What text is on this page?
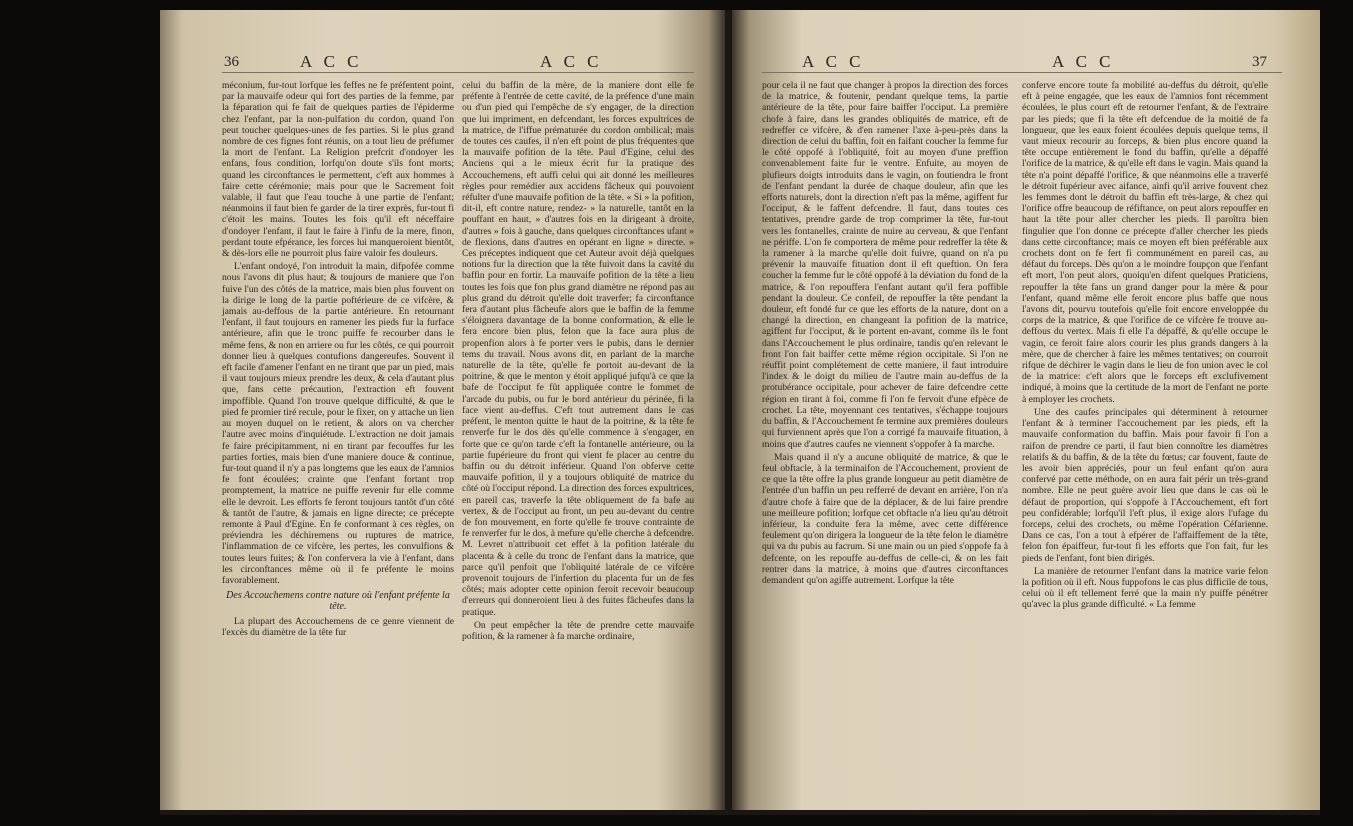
36	A C C	A C C

méconium, fur-tout lorfque les feffes ne fe préfentent point, par la mauvaife odeur qui fort des parties de la femme, par la féparation qui fe fait de quelques parties de l'épiderme chez l'enfant, par la non-pulfation du cordon, quand l'on peut toucher quelques-unes de fes parties. Si le plus grand nombre de ces fignes font réunis, on a tout lieu de préfumer la mort de l'enfant. La Religion prefcrit d'ondoyer les enfans, fous condition, lorfqu'on doute s'ils font morts; quand les circonftances le permettent, c'eft aux hommes à faire cette cérémonie; mais pour que le Sacrement foit valable, il faut que l'eau touche à une partie de l'enfant; néanmoins il faut bien fe garder de la tirer exprès, fur-tout fi c'étoit les mains. Toutes les fois qu'il eft néceffaire d'ondoyer l'enfant, il faut le faire à l'infu de la mere, finon, perdant toute efpérance, les forces lui manqueroient bientôt, & dès-lors elle ne pourroit plus faire valoir fes douleurs.

L'enfant ondoyé, l'on introduit la main, difpofée comme nous l'avons dit plus haut; & toujours de maniere que l'on fuive l'un des côtés de la matrice, mais bien plus fouvent on la dirige le long de la partie poftérieure de ce vifcère, & jamais au-deffous de la partie antérieure. En retournant l'enfant, il faut toujours en ramener les pieds fur la furface antérieure, afin que le tronc puiffe fe recourber dans le même fens, & non en arriere ou fur les côtés, ce qui pourroit donner lieu à quelques contufions dangereufes. Souvent il eft facile d'amener l'enfant en ne tirant que par un pied, mais il vaut toujours mieux prendre les deux, & cela d'autant plus que, fans cette précaution, l'extraction eft fouvent impoffible. Quand l'on trouve quelque difficulté, & que le pied fe promier tiré recule, pour le fixer, on y attache un lien au moyen duquel on le retient, & alors on va chercher l'autre avec moins d'inquiétude. L'extraction ne doit jamais fe faire précipitamment, ni en tirant par fecouffes fur les parties forties, mais bien d'une maniere douce & continue, fur-tout quand il n'y a pas longtems que les eaux de l'amnios fe font écoulées; crainte que l'enfant fortant trop promptement, la matrice ne puiffe revenir fur elle comme elle le devroit. Les efforts fe feront toujours tantôt d'un côté & tantôt de l'autre, & jamais en ligne directe; ce précepte remonte à Paul d'Egine. En fe conformant à ces règles, on préviendra les déchiremens ou ruptures de matrice, l'inflammation de ce vifcère, les pertes, les convulfions & toutes leurs fuites; & l'on confervera la vie à l'enfant, dans les circonftances même où il fe préfente le moins favorablement.

Des Accouchemens contre nature où l'enfant préfente la tête.

La plupart des Accouchemens de ce genre viennent de l'excès du diamètre de la tête fur

celui du baffin de la mère, de la maniere dont elle fe préfente à l'entrée de cette cavité, de la préfence d'une main ou d'un pied qui l'empêche de s'y engager, de la direction que lui impriment, en defcendant, les forces expultrices de la matrice, de l'iffue prématurée du cordon ombilical; mais de toutes ces caufes, il n'en eft point de plus fréquentes que la mauvaife pofition de la tête. Paul d'Egine, celui des Anciens qui a le mieux écrit fur la pratique des Accouchemens, eft auffi celui qui ait donné les meilleures règles pour remédier aux accidens fâcheux qui pouvoient réfulter d'une mauvaife pofition de la tête. « Si » la pofition, dit-il, eft contre nature, rendez- » la naturelle, tantôt en la pouffant en haut, » d'autres fois en la dirigeant à droite, d'autres » fois à gauche, dans quelques circonftances ufant » de flexions, dans d'autres en opérant en ligne » directe. » Ces préceptes indiquent que cet Auteur avoit déjà quelques notions fur la direction que la tête fuivoit dans la cavité du baffin pour en fortir. La mauvaife pofition de la tête a lieu toutes les fois que fon plus grand diamètre ne répond pas au plus grand du détroit qu'elle doit traverfer; fa circonftance fera d'autant plus fâcheufe alors que le baffin de la femme s'éloignera davantage de la bonne conformation, & elle le fera encore bien plus, felon que la face aura plus de propenfion alors à fe porter vers le pubis, dans le dernier tems du travail. Nous avons dit, en parlant de la marche naturelle de la tête, qu'elle fe portoit au-devant de la poitrine, & que le menton y étoit appliqué jufqu'à ce que la bafe de l'occiput fe fût appliquée contre le fommet de l'arcade du pubis, ou fur le bord antérieur du périnée, fi la face vient au-deffus. C'eft tout autrement dans le cas préfent, le menton quitte le haut de la poitrine, & la tête fe renverfe fur le dos dès qu'elle commence à s'engager, en forte que ce qu'on tarde c'eft la fontanelle antérieure, ou la partie fupérieure du front qui vient fe placer au centre du baffin ou du détroit inférieur. Quand l'on obferve cette mauvaife pofition, il y a toujours obliquité de matrice du côté où l'occiput répond. La direction des forces expultrices, en pareil cas, traverfe la tête obliquement de fa bafe au vertex, & de l'occiput au front, un peu au-devant du centre de fon mouvement, en forte qu'elle fe trouve contrainte de fe renverfer fur le dos, à mefure qu'elle cherche à defcendre. M. Levret n'attribuoit cet effet à la pofition latérale du placenta & à celle du tronc de l'enfant dans la matrice, que parce qu'il penfoit que l'obliquité latérale de ce vifcère provenoit toujours de l'infertion du placenta fur un de fes côtés; mais adopter cette opinion feroit recevoir beaucoup d'erreurs qui donneroient lieu à des fuites fâcheufes dans la pratique.

On peut empêcher la tête de prendre cette mauvaife pofition, & la ramener à fa marche ordinaire,

A C C	A C C	37

pour cela il ne faut que changer à propos la direction des forces de la matrice, & foutenir, pendant quelque tems, la partie antérieure de la tête, pour faire baiffer l'occiput. La première chofe à faire, dans les grandes obliquités de matrice, eft de redreffer ce vifcère, & d'en ramener l'axe à-peu-près dans la direction de celui du baffin, foit en faifant coucher la femme fur le côté oppofé à l'obliquité, foit au moyen d'une preffion convenablement faite fur le ventre. Enfuite, au moyen de plufieurs doigts introduits dans le vagin, on foutiendra le front de l'enfant pendant la durée de chaque douleur, afin que les efforts naturels, dont la direction n'eft pas la même, agiffent fur l'occiput, & le faffent defcendre. Il faut, dans toutes ces tentatives, prendre garde de trop comprimer la tête, fur-tout vers les fontanelles, crainte de nuire au cerveau, & que l'enfant ne périffe. L'on fe comportera de même pour redreffer la tête & la ramener à la marche qu'elle doit fuivre, quand on n'a pu prévenir la mauvaife fituation dont il eft queftion. On fera coucher la femme fur le côté oppofé à la déviation du fond de la matrice, & l'on repouffera l'enfant autant qu'il fera poffible pendant la douleur. Ce confeil, de repouffer la tête pendant la douleur, eft fondé fur ce que les efforts de la nature, dont on a changé la direction, en changeant la pofition de la matrice, agiffent fur l'occiput, & le portent en-avant, comme ils le font dans l'Accouchement le plus ordinaire, tandis qu'en relevant le front l'on fait baiffer cette même région occipitale. Si l'on ne réuffit point complétement de cette maniere, il faut introduire l'index & le doigt du milieu de l'autre main au-deffus de la protubérance occipitale, pour achever de faire defcendre cette région en tirant à foi, comme fi l'on fe fervoit d'une efpèce de crochet. La tête, moyennant ces tentatives, s'échappe toujours du baffin, & l'Accouchement fe termine aux premières douleurs qui furviennent après que l'on a corrigé fa mauvaife fituation, à moins que d'autres caufes ne viennent s'oppofer à fa marche.

Mais quand il n'y a aucune obliquité de matrice, & que le feul obftacle, à la terminaifon de l'Accouchement, provient de ce que la tête offre la plus grande longueur au petit diamètre de l'entrée d'un baffin un peu refferré de devant en arrière, l'on n'a d'autre chofe à faire que de la déplacer, & de lui faire prendre une meilleure pofition; lorfque cet obftacle n'a lieu qu'au détroit inférieur, la conduite fera la même, avec cette différence feulement qu'on dirigera la longueur de la tête felon le diamètre qui va du pubis au facrum. Si une main ou un pied s'oppofe fa à defcente, on les repouffe au-deffus de celle-ci, & on les fait rentrer dans la matrice, à moins que d'autres circonftances demandent qu'on agiffe autrement. Lorfque la tête

conferve encore toute fa mobilité au-deffus du détroit, qu'elle eft à peine engagée, que les eaux de l'amnios font récemment écoulées, le plus court eft de retourner l'enfant, & de l'extraire par les pieds; que fi la tête eft defcendue de la moitié de fa longueur, que les eaux foient écoulées depuis quelque tems, il vaut mieux recourir au forceps, & bien plus encore quand la tête occupe entièrement le fond du baffin, qu'elle a dépaffé l'orifice de la matrice, & qu'elle eft dans le vagin. Mais quand la tête n'a point dépaffé l'orifice, & que néanmoins elle a traverfé le détroit fupérieur avec aifance, ainfi qu'il arrive fouvent chez les femmes dont le détroit du baffin eft très-large, & chez qui l'orifice offre beaucoup de réfiftance, on peut alors repouffer en haut la tête pour aller chercher les pieds. Il paroîtra bien fingulier que l'on donne ce précepte d'aller chercher les pieds dans cette circonftance; mais ce moyen eft bien préférable aux crochets dont on fe fert fi communément en pareil cas, au défaut du forceps. Dès qu'on a le moindre foupçon que l'enfant eft mort, l'on peut alors, quoiqu'en difent quelques Praticiens, repouffer la tête fans un grand danger pour la mère & pour l'enfant, quand même elle feroit encore plus baffe que nous l'avons dit, pourvu toutefois qu'elle foit encore enveloppée du corps de la matrice, & que l'orifice de ce vifcère fe trouve au-deffous du vertex. Mais fi elle l'a dépaffé, & qu'elle occupe le vagin, ce feroit faire alors courir les plus grands dangers à la mère, que de chercher à faire les mêmes tentatives; on courroit rifque de déchirer le vagin dans le lieu de fon union avec le col de la matrice: c'eft alors que le forceps eft exclufivement indiqué, à moins que la certitude de la mort de l'enfant ne porte à employer les crochets.

Une des caufes principales qui déterminent à retourner l'enfant & à terminer l'accouchement par les pieds, eft la mauvaife conformation du baffin. Mais pour favoir fi l'on a raifon de prendre ce parti, il faut bien connoître les diamètres relatifs & du baffin, & de la tête du fœtus; car fouvent, faute de les avoir bien appréciés, pour un feul enfant qu'on aura confervé par cette méthode, on en aura fait périr un très-grand nombre. Elle ne peut guère avoir lieu que dans le cas où le défaut de proportion, qui s'oppofe à l'Accouchement, eft fort peu confidérable; lorfqu'il l'eft plus, il exige alors l'ufage du forceps, celui des crochets, ou même l'opération Céfarienne. Dans ce cas, l'on a tout à efpérer de l'affaiffement de la tête, felon fon épaiffeur, fur-tout fi les efforts que l'on fait, fur les pieds de l'enfant, font bien dirigés.

La manière de retourner l'enfant dans la matrice varie felon la pofition où il eft. Nous fuppofons le cas plus difficile de tous, celui où il eft tellement ferré que la main n'y puiffe pénétrer qu'avec la plus grande difficulté. « La femme
